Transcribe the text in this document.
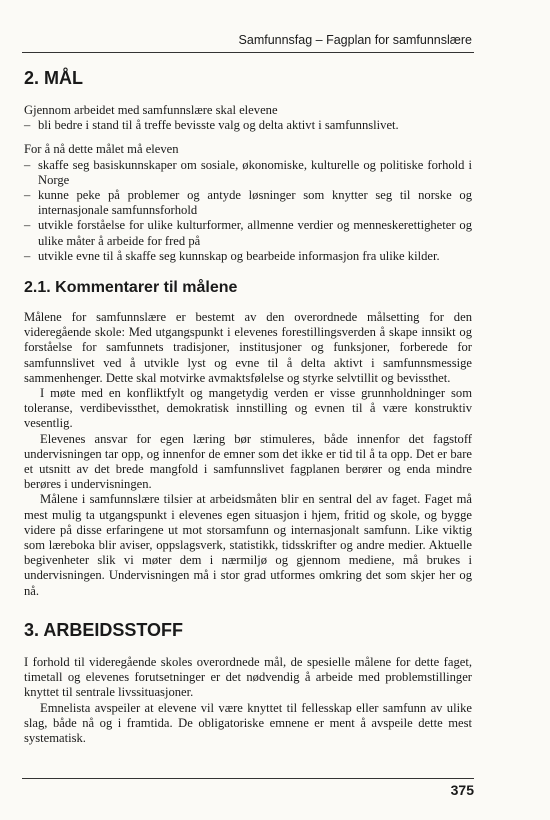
Samfunnsfag – Fagplan for samfunnslære
2. MÅL

Gjennom arbeidet med samfunnslære skal elevene

– bli bedre i stand til å treffe bevisste valg og delta aktivt i samfunnslivet.

For å nå dette målet må eleven

– skaffe seg basiskunnskaper om sosiale, økonomiske, kulturelle og politiske forhold i Norge
– kunne peke på problemer og antyde løsninger som knytter seg til norske og internasjonale samfunnsforhold
– utvikle forståelse for ulike kulturformer, allmenne verdier og menneskerettigheter og ulike måter å arbeide for fred på
– utvikle evne til å skaffe seg kunnskap og bearbeide informasjon fra ulike kilder.
2.1. Kommentarer til målene

Målene for samfunnslære er bestemt av den overordnede målsetting for den videregående skole: Med utgangspunkt i elevenes forestillingsverden å skape innsikt og forståelse for samfunnets tradisjoner, institusjoner og funksjoner, forberede for samfunnslivet ved å utvikle lyst og evne til å delta aktivt i samfunnsmessige sammenhenger. Dette skal motvirke avmaktsfølelse og styrke selvtillit og bevissthet.

I møte med en konfliktfylt og mangetydig verden er visse grunnholdninger som toleranse, verdibevissthet, demokratisk innstilling og evnen til å være konstruktiv vesentlig.

Elevenes ansvar for egen læring bør stimuleres, både innenfor det fagstoff undervisningen tar opp, og innenfor de emner som det ikke er tid til å ta opp. Det er bare et utsnitt av det brede mangfold i samfunnslivet fagplanen berører og enda mindre berøres i undervisningen.

Målene i samfunnslære tilsier at arbeidsmåten blir en sentral del av faget. Faget må mest mulig ta utgangspunkt i elevenes egen situasjon i hjem, fritid og skole, og bygge videre på disse erfaringene ut mot storsamfunn og internasjonalt samfunn. Like viktig som læreboka blir aviser, oppslagsverk, statistikk, tidsskrifter og andre medier. Aktuelle begivenheter slik vi møter dem i nærmiljø og gjennom mediene, må brukes i undervisningen. Undervisningen må i stor grad utformes omkring det som skjer her og nå.

3. ARBEIDSSTOFF

I forhold til videregående skoles overordnede mål, de spesielle målene for dette faget, timetall og elevenes forutsetninger er det nødvendig å arbeide med problemstillinger knyttet til sentrale livssituasjoner.

Emnelista avspeiler at elevene vil være knyttet til fellesskap eller samfunn av ulike slag, både nå og i framtida. De obligatoriske emnene er ment å avspeile dette mest systematisk.

375
